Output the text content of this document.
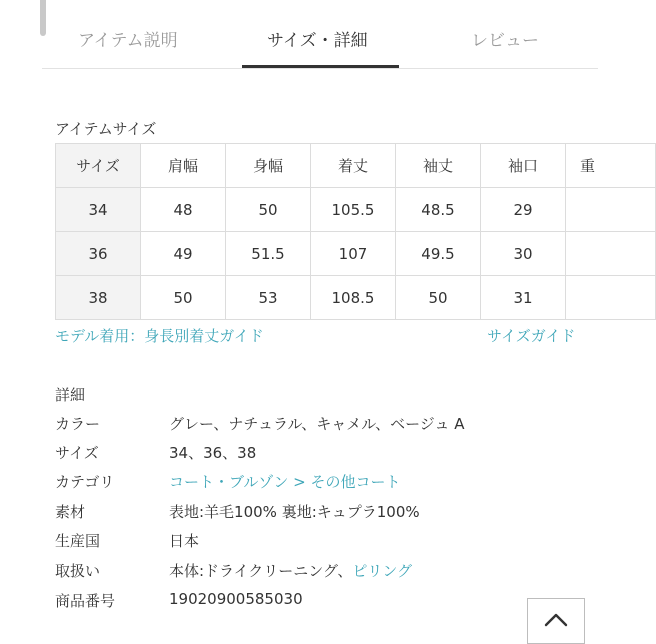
アイテム説明	サイズ・詳細	レビュー
アイテムサイズ
サイズ	肩幅	身幅	着丈	袖丈	袖口	重
34	48	50	105.5	48.5	29	
36	49	51.5	107	49.5	30	
38	50	53	108.5	50	31	
モデル着用：身長別着丈ガイド	サイズガイド
詳細
カラー	グレー、ナチュラル、キャメル、ベージュ A
サイズ	34、36、38
カテゴリ	コート・ブルゾン > その他コート
素材	表地:羊毛100% 裏地:キュプラ100%
生産国	日本
取扱い	本体:ドライクリーニング、ピリング
商品番号	19020900585030
